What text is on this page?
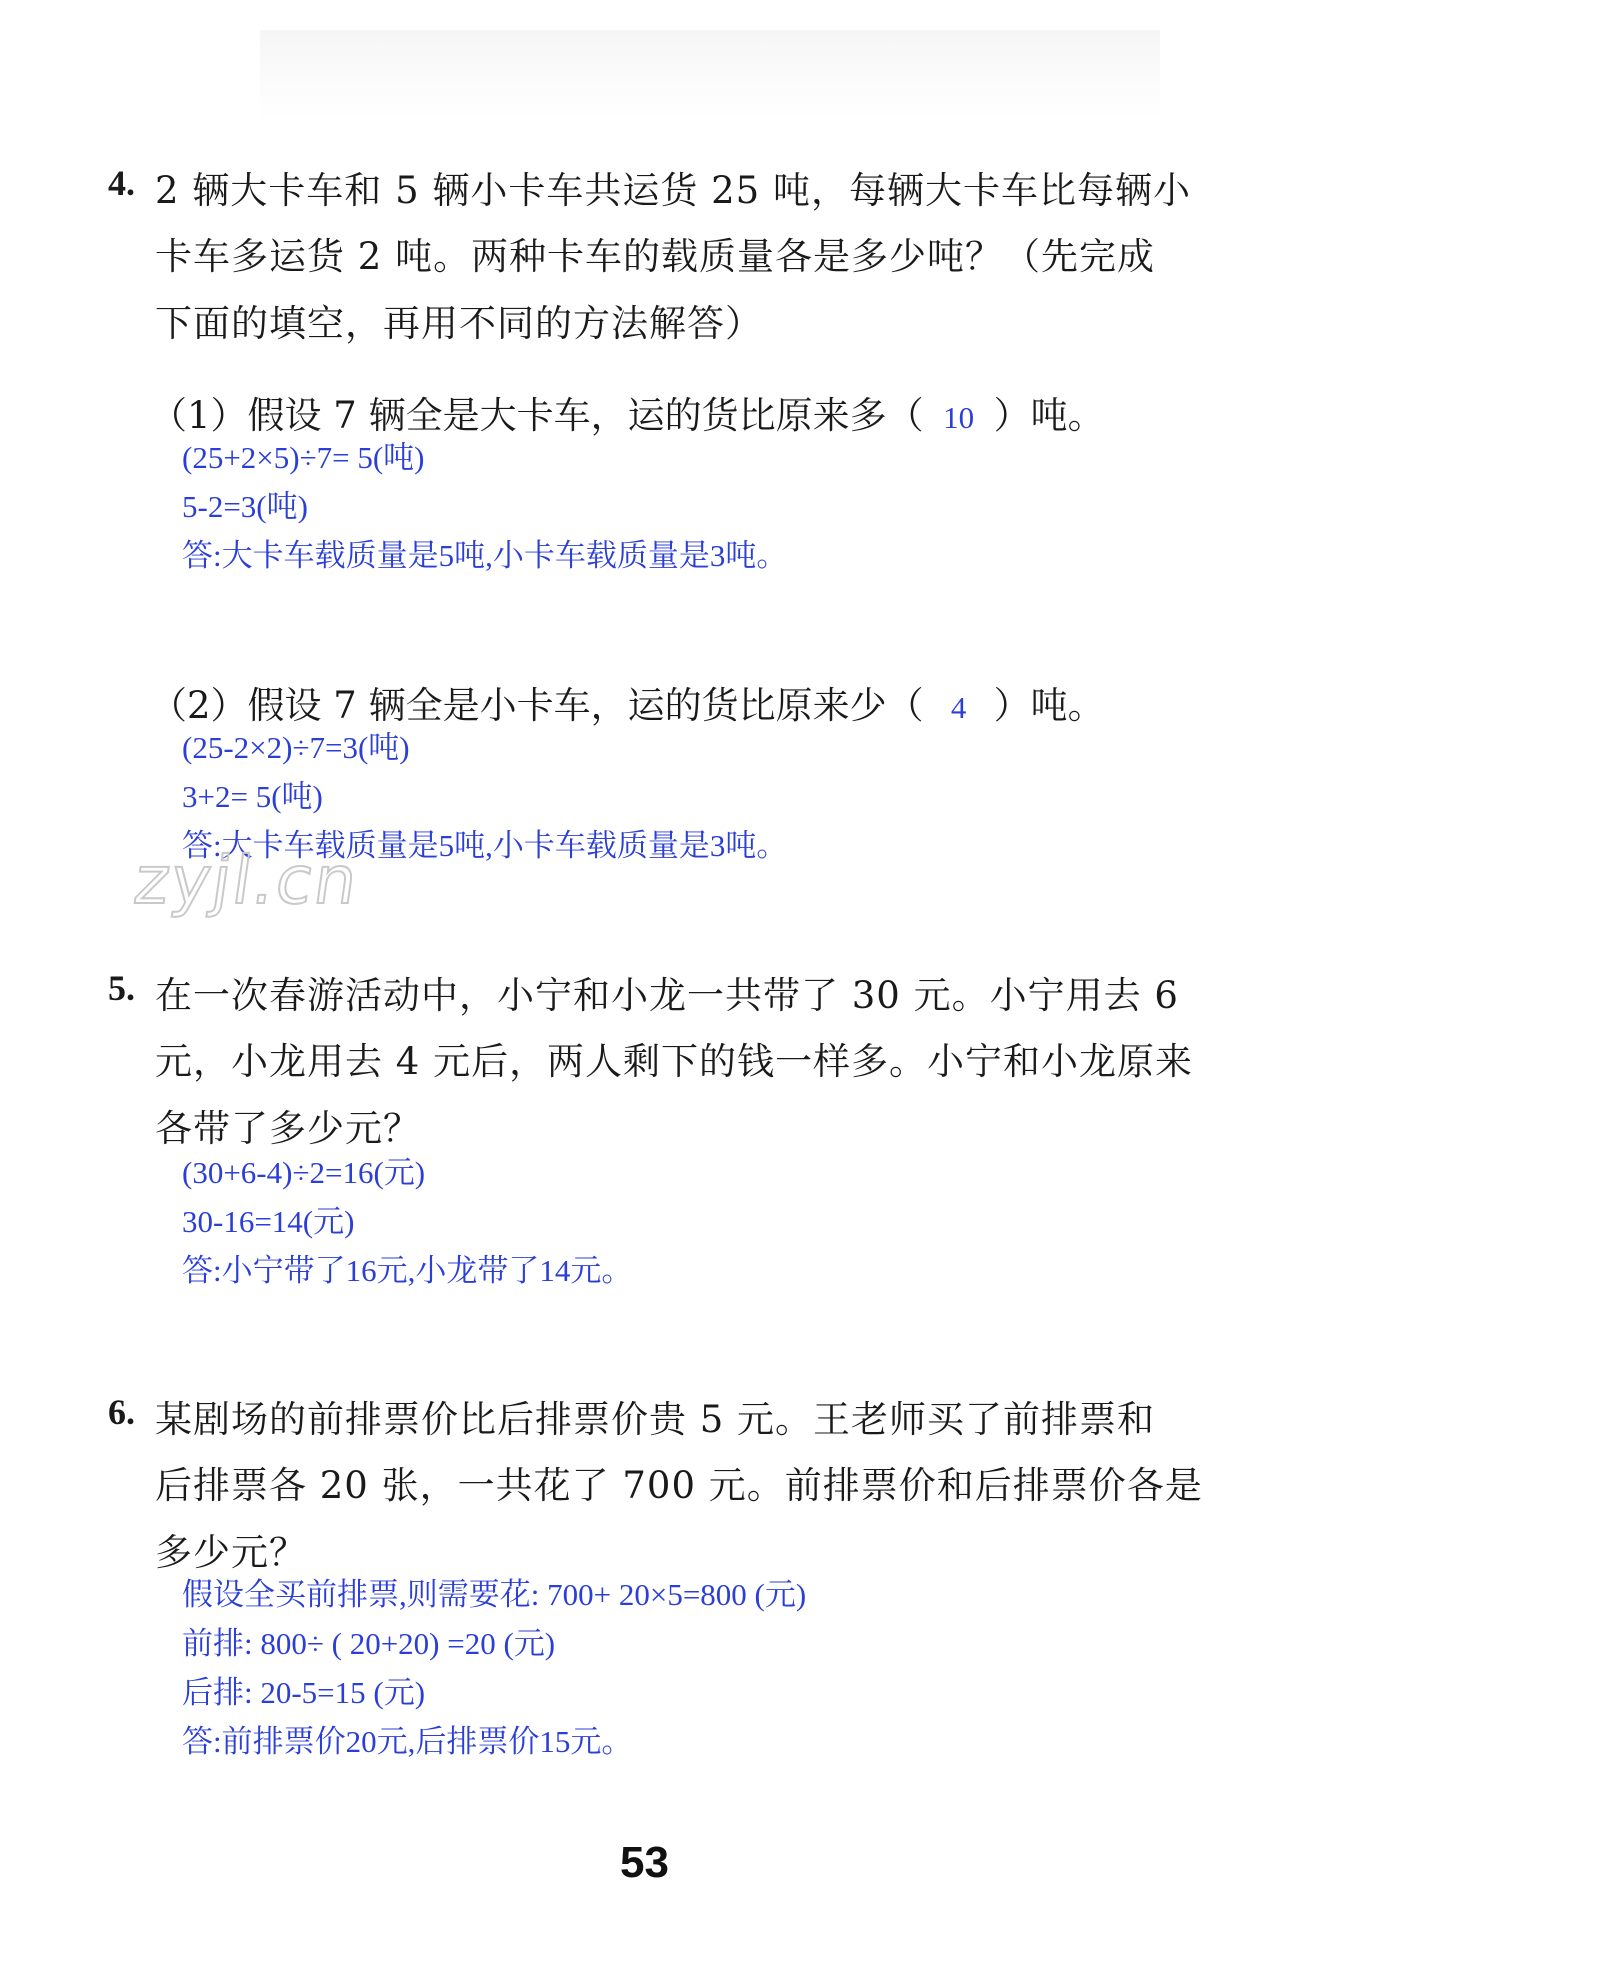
4. 2 辆大卡车和 5 辆小卡车共运货 25 吨，每辆大卡车比每辆小
卡车多运货 2 吨。两种卡车的载质量各是多少吨？（先完成
下面的填空，再用不同的方法解答）
（1）假设 7 辆全是大卡车，运的货比原来多（ 10 ）吨。
(25+2×5)÷7= 5(吨)
5-2=3(吨)
答:大卡车载质量是5吨,小卡车载质量是3吨。
（2）假设 7 辆全是小卡车，运的货比原来少（ 4 ）吨。
(25-2×2)÷7=3(吨)
3+2= 5(吨)
答:大卡车载质量是5吨,小卡车载质量是3吨。
zyjl.cn
5. 在一次春游活动中，小宁和小龙一共带了 30 元。小宁用去 6
元，小龙用去 4 元后，两人剩下的钱一样多。小宁和小龙原来
各带了多少元？
(30+6-4)÷2=16(元)
30-16=14(元)
答:小宁带了16元,小龙带了14元。
6. 某剧场的前排票价比后排票价贵 5 元。王老师买了前排票和
后排票各 20 张，一共花了 700 元。前排票价和后排票价各是
多少元？
假设全买前排票,则需要花: 700+ 20×5=800 (元)
前排: 800÷ ( 20+20) =20 (元)
后排: 20-5=15 (元)
答:前排票价20元,后排票价15元。
53
